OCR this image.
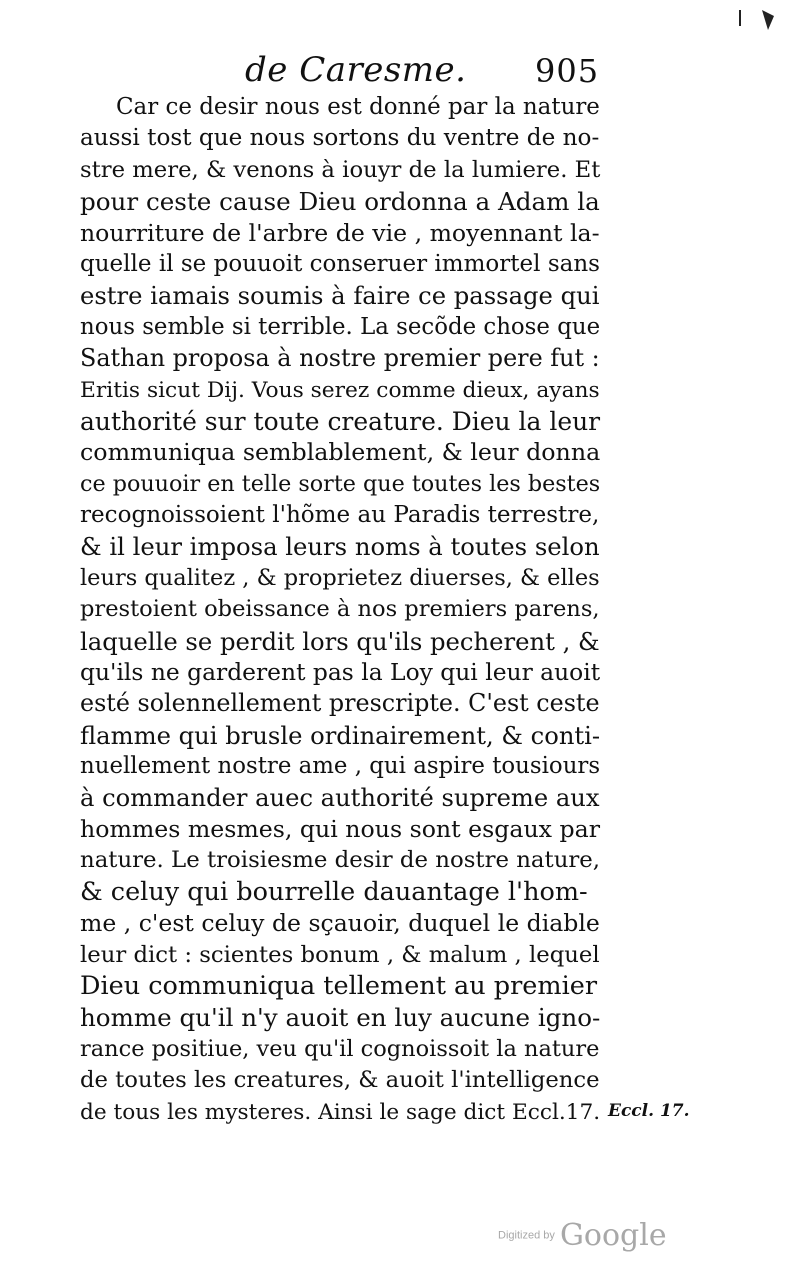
de Caresme. 905
Car ce desir nous est donné par la nature
aussi tost que nous sortons du ventre de no-
stre mere, & venons à iouyr de la lumiere. Et
pour ceste cause Dieu ordonna a Adam la
nourriture de l'arbre de vie , moyennant la-
quelle il se pouuoit conseruer immortel sans
estre iamais soumis à faire ce passage qui
nous semble si terrible. La secõde chose que
Sathan proposa à nostre premier pere fut :
Eritis sicut Dij. Vous serez comme dieux, ayans
authorité sur toute creature. Dieu la leur
communiqua semblablement, & leur donna
ce pouuoir en telle sorte que toutes les bestes
recognoissoient l'hõme au Paradis terrestre,
& il leur imposa leurs noms à toutes selon
leurs qualitez , & proprietez diuerses, & elles
prestoient obeissance à nos premiers parens,
laquelle se perdit lors qu'ils pecherent , &
qu'ils ne garderent pas la Loy qui leur auoit
esté solennellement prescripte. C'est ceste
flamme qui brusle ordinairement, & conti-
nuellement nostre ame , qui aspire tousiours
à commander auec authorité supreme aux
hommes mesmes, qui nous sont esgaux par
nature. Le troisiesme desir de nostre nature,
& celuy qui bourrelle dauantage l'hom-
me , c'est celuy de sçauoir, duquel le diable
leur dict : scientes bonum , & malum , lequel
Dieu communiqua tellement au premier
homme qu'il n'y auoit en luy aucune igno-
rance positiue, veu qu'il cognoissoit la nature
de toutes les creatures, & auoit l'intelligence
de tous les mysteres. Ainsi le sage dict Eccl.17. Eccl. 17.
Digitized by Google
